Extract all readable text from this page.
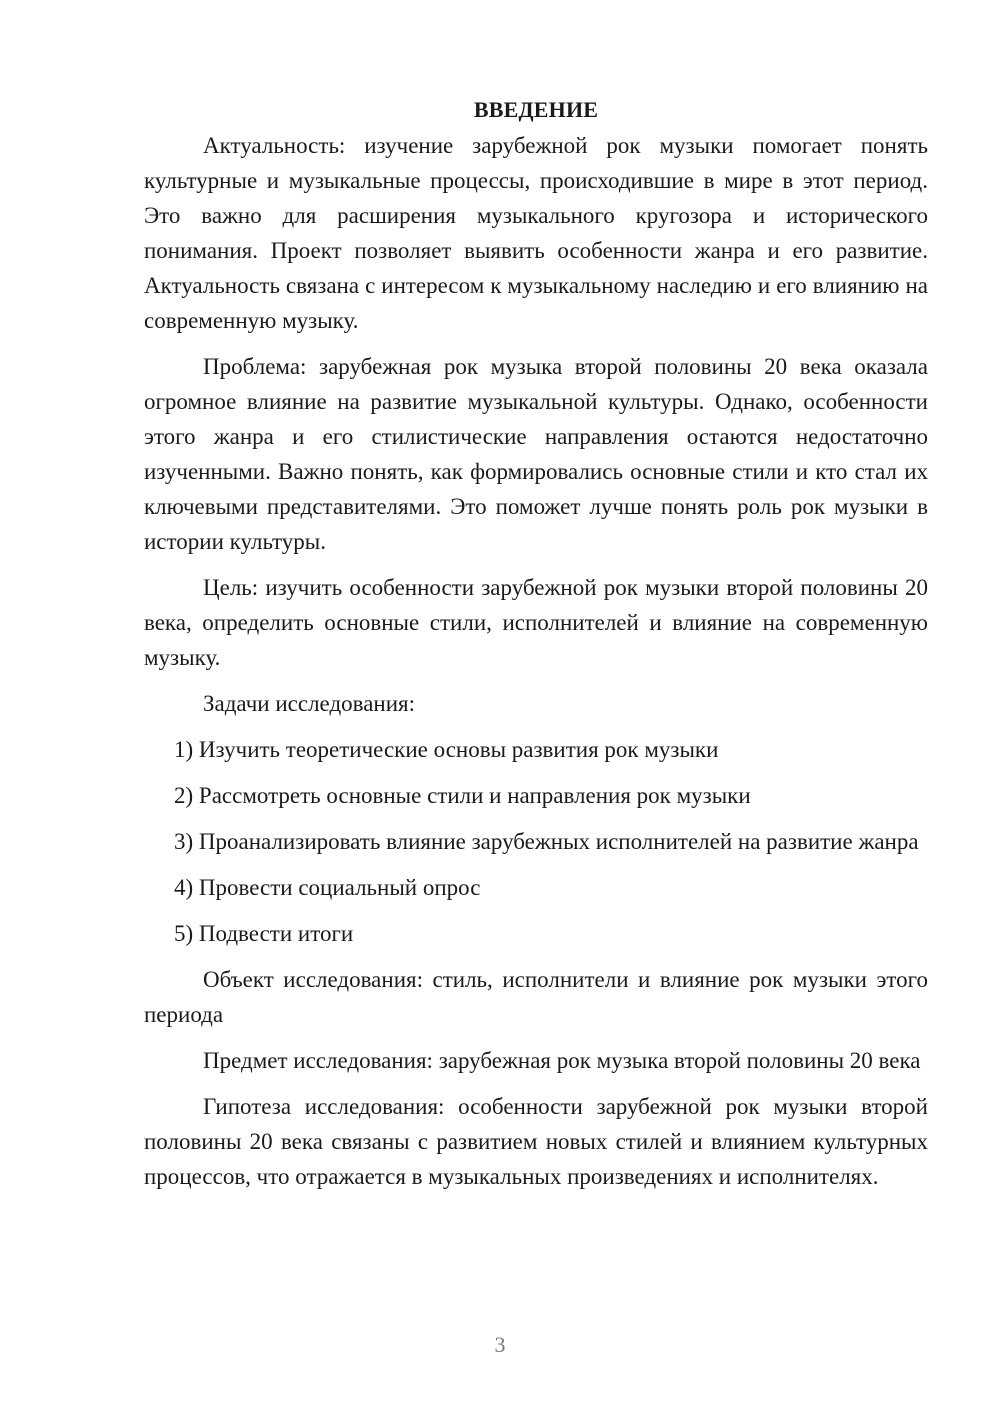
ВВЕДЕНИЕ

Актуальность: изучение зарубежной рок музыки помогает понять культурные и музыкальные процессы, происходившие в мире в этот период. Это важно для расширения музыкального кругозора и исторического понимания. Проект позволяет выявить особенности жанра и его развитие. Актуальность связана с интересом к музыкальному наследию и его влиянию на современную музыку.

Проблема: зарубежная рок музыка второй половины 20 века оказала огромное влияние на развитие музыкальной культуры. Однако, особенности этого жанра и его стилистические направления остаются недостаточно изученными. Важно понять, как формировались основные стили и кто стал их ключевыми представителями. Это поможет лучше понять роль рок музыки в истории культуры.

Цель: изучить особенности зарубежной рок музыки второй половины 20 века, определить основные стили, исполнителей и влияние на современную музыку.

Задачи исследования:

1) Изучить теоретические основы развития рок музыки

2) Рассмотреть основные стили и направления рок музыки

3) Проанализировать влияние зарубежных исполнителей на развитие жанра

4) Провести социальный опрос

5) Подвести итоги

Объект исследования: стиль, исполнители и влияние рок музыки этого периода

Предмет исследования: зарубежная рок музыка второй половины 20 века

Гипотеза исследования: особенности зарубежной рок музыки второй половины 20 века связаны с развитием новых стилей и влиянием культурных процессов, что отражается в музыкальных произведениях и исполнителях.

3
